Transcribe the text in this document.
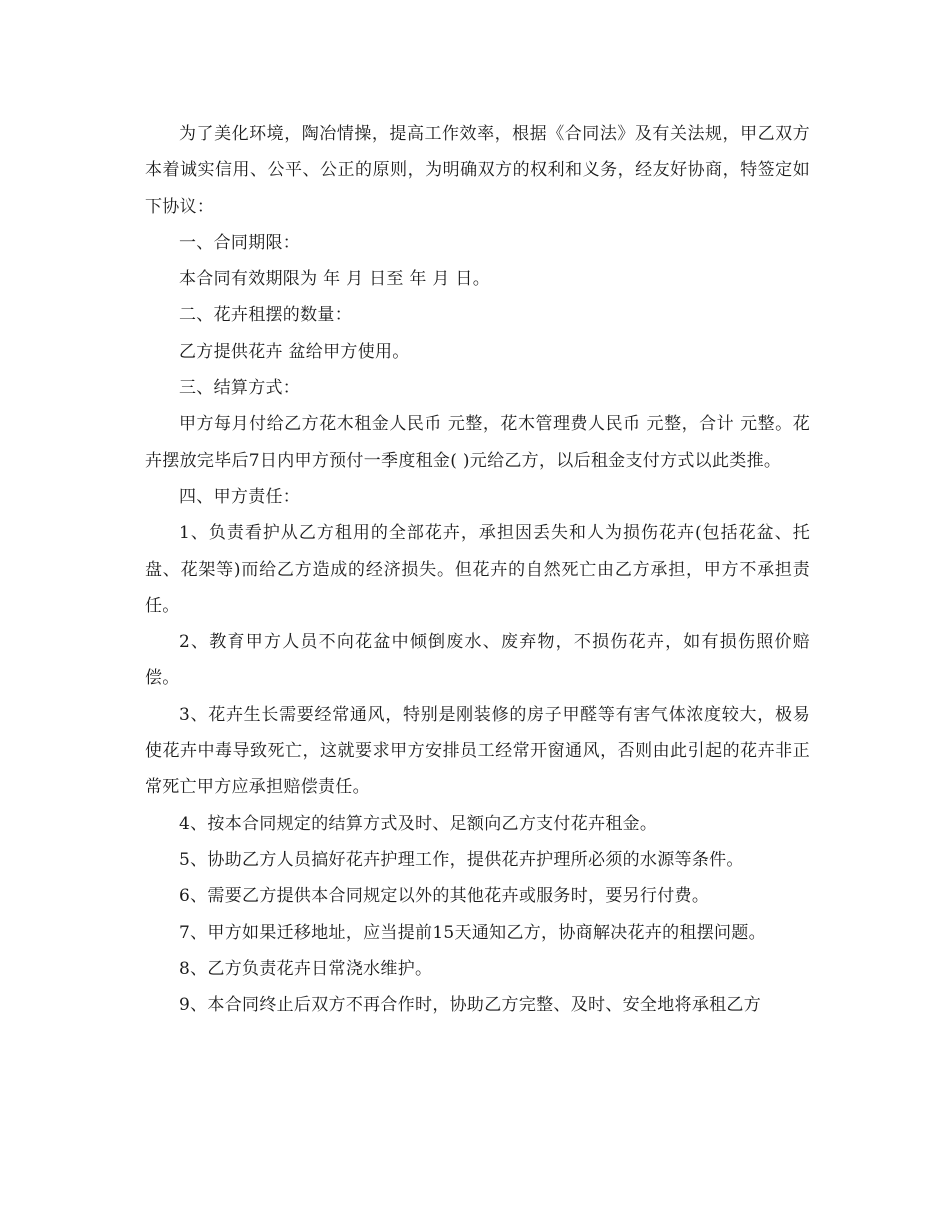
为了美化环境，陶冶情操，提高工作效率，根据《合同法》及有关法规，甲乙双方本着诚实信用、公平、公正的原则，为明确双方的权利和义务，经友好协商，特签定如下协议：

一、合同期限：

本合同有效期限为 年 月 日至 年 月 日。

二、花卉租摆的数量：

乙方提供花卉 盆给甲方使用。

三、结算方式：

甲方每月付给乙方花木租金人民币 元整，花木管理费人民币 元整，合计 元整。花卉摆放完毕后7日内甲方预付一季度租金( )元给乙方，以后租金支付方式以此类推。

四、甲方责任：

1、负责看护从乙方租用的全部花卉，承担因丢失和人为损伤花卉(包括花盆、托盘、花架等)而给乙方造成的经济损失。但花卉的自然死亡由乙方承担，甲方不承担责任。

2、教育甲方人员不向花盆中倾倒废水、废弃物，不损伤花卉，如有损伤照价赔偿。

3、花卉生长需要经常通风，特别是刚装修的房子甲醛等有害气体浓度较大，极易使花卉中毒导致死亡，这就要求甲方安排员工经常开窗通风，否则由此引起的花卉非正常死亡甲方应承担赔偿责任。

4、按本合同规定的结算方式及时、足额向乙方支付花卉租金。

5、协助乙方人员搞好花卉护理工作，提供花卉护理所必须的水源等条件。

6、需要乙方提供本合同规定以外的其他花卉或服务时，要另行付费。

7、甲方如果迁移地址，应当提前15天通知乙方，协商解决花卉的租摆问题。

8、乙方负责花卉日常浇水维护。

9、本合同终止后双方不再合作时，协助乙方完整、及时、安全地将承租乙方
